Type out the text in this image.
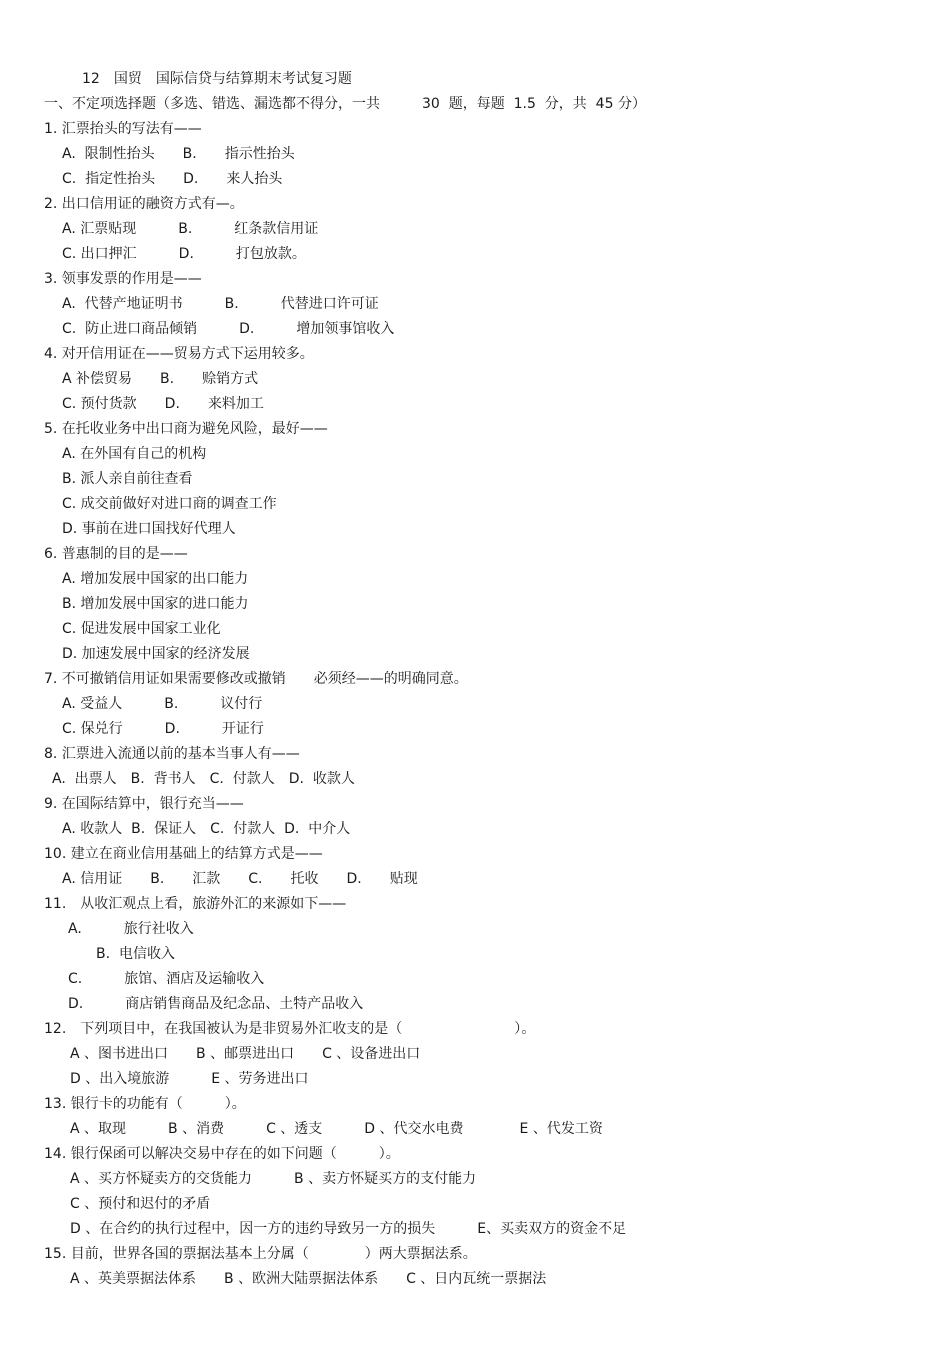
12　国贸　国际信贷与结算期末考试复习题
一、不定项选择题（多选、错选、漏选都不得分，一共　　　30  题，每题  1.5  分，共  45 分）
1. 汇票抬头的写法有——
A.  限制性抬头　　B.　　指示性抬头
C.  指定性抬头　　D.　　来人抬头
2. 出口信用证的融资方式有—。
A. 汇票贴现　　　B.　　　红条款信用证
C. 出口押汇　　　D.　　　打包放款。
3. 领事发票的作用是——
A.  代替产地证明书　　　B.　　　代替进口许可证
C.  防止进口商品倾销　　　D.　　　增加领事馆收入
4. 对开信用证在——贸易方式下运用较多。
A 补偿贸易　　B.　　赊销方式
C. 预付货款　　D.　　来料加工
5. 在托收业务中出口商为避免风险，最好——
A. 在外国有自己的机构
B. 派人亲自前往查看
C. 成交前做好对进口商的调查工作
D. 事前在进口国找好代理人
6. 普惠制的目的是——
A. 增加发展中国家的出口能力
B. 增加发展中国家的进口能力
C. 促进发展中国家工业化
D. 加速发展中国家的经济发展
7. 不可撤销信用证如果需要修改或撤销　　必须经——的明确同意。
A. 受益人　　　B.　　　议付行
C. 保兑行　　　D.　　　开证行
8. 汇票进入流通以前的基本当事人有——
A.  出票人　B.  背书人　C.  付款人　D.  收款人
9. 在国际结算中，银行充当——
A. 收款人  B.  保证人　C.  付款人  D.  中介人
10. 建立在商业信用基础上的结算方式是——
A. 信用证　　B.　　汇款　　C.　　托收　　D.　　贴现
11.　从收汇观点上看，旅游外汇的来源如下——
A.　　　旅行社收入
B.  电信收入
C.　　　旅馆、酒店及运输收入
D.　　　商店销售商品及纪念品、土特产品收入
12.　下列项目中，在我国被认为是非贸易外汇收支的是（　　　　　　　　）。
A 、图书进出口　　B 、邮票进出口　　C 、设备进出口
D 、出入境旅游　　　E 、劳务进出口
13. 银行卡的功能有（　　　）。
A 、取现　　　B 、消费　　　C 、透支　　　D 、代交水电费　　　　E 、代发工资
14. 银行保函可以解决交易中存在的如下问题（　　　）。
A 、买方怀疑卖方的交货能力　　　B 、卖方怀疑买方的支付能力
C 、预付和迟付的矛盾
D 、在合约的执行过程中，因一方的违约导致另一方的损失　　　E、买卖双方的资金不足
15. 目前，世界各国的票据法基本上分属（　　　　）两大票据法系。
A 、英美票据法体系　　B 、欧洲大陆票据法体系　　C 、日内瓦统一票据法
